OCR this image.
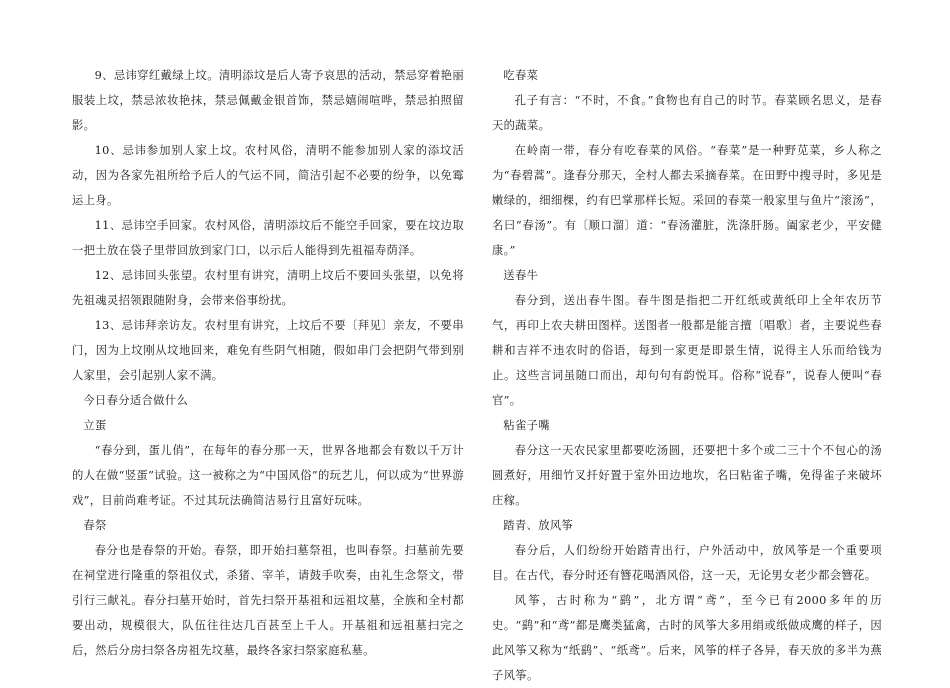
9、忌讳穿红戴绿上坟。清明添坟是后人寄予哀思的活动，禁忌穿着艳丽服装上坟，禁忌浓妆艳抹，禁忌佩戴金银首饰，禁忌嬉闹喧哗，禁忌拍照留影。

10、忌讳参加别人家上坟。农村风俗，清明不能参加别人家的添坟活动，因为各家先祖所给予后人的气运不同，简洁引起不必要的纷争，以免霉运上身。

11、忌讳空手回家。农村风俗，清明添坟后不能空手回家，要在坟边取一把土放在袋子里带回放到家门口，以示后人能得到先祖福寿荫泽。

12、忌讳回头张望。农村里有讲究，清明上坟后不要回头张望，以免将先祖魂灵招领跟随附身，会带来俗事纷扰。

13、忌讳拜亲访友。农村里有讲究，上坟后不要〔拜见〕亲友，不要串门，因为上坟刚从坟地回来，难免有些阴气相随，假如串门会把阴气带到别人家里，会引起别人家不满。

今日春分适合做什么

立蛋

“春分到，蛋儿俏”，在每年的春分那一天，世界各地都会有数以千万计的人在做“竖蛋”试验。这一被称之为“中国风俗”的玩艺儿，何以成为“世界游戏”，目前尚难考证。不过其玩法确简洁易行且富好玩味。

春祭

春分也是春祭的开始。春祭，即开始扫墓祭祖，也叫春祭。扫墓前先要在祠堂进行隆重的祭祖仪式，杀猪、宰羊，请鼓手吹奏，由礼生念祭文，带引行三献礼。春分扫墓开始时，首先扫祭开基祖和远祖坟墓，全族和全村都要出动，规模很大，队伍往往达几百甚至上千人。开基祖和远祖墓扫完之后，然后分房扫祭各房祖先坟墓，最终各家扫祭家庭私墓。

吃春菜

孔子有言：“不时，不食。”食物也有自己的时节。春菜顾名思义，是春天的蔬菜。

在岭南一带，春分有吃春菜的风俗。“春菜”是一种野苋菜，乡人称之为“春碧蒿”。逢春分那天，全村人都去采摘春菜。在田野中搜寻时，多见是嫩绿的，细细棵，约有巴掌那样长短。采回的春菜一般家里与鱼片“滚汤”，名曰“春汤”。有〔顺口溜〕道：“春汤灌脏，洗涤肝肠。阖家老少，平安健康。”

送春牛

春分到，送出春牛图。春牛图是指把二开红纸或黄纸印上全年农历节气，再印上农夫耕田图样。送图者一般都是能言擅〔唱歌〕者，主要说些春耕和吉祥不违农时的俗语，每到一家更是即景生情，说得主人乐而给钱为止。这些言词虽随口而出，却句句有韵悦耳。俗称“说春”，说春人便叫“春官”。

粘雀子嘴

春分这一天农民家里都要吃汤圆，还要把十多个或二三十个不包心的汤圆煮好，用细竹叉扦好置于室外田边地坎，名曰粘雀子嘴，免得雀子来破坏庄稼。

踏青、放风筝

春分后，人们纷纷开始踏青出行，户外活动中，放风筝是一个重要项目。在古代，春分时还有簪花喝酒风俗，这一天，无论男女老少都会簪花。

风筝，古时称为“鹞”，北方谓“鸢”，至今已有2000多年的历史。“鹞”和“鸢”都是鹰类猛禽，古时的风筝大多用绢或纸做成鹰的样子，因此风筝又称为“纸鹞”、“纸鸢”。后来，风筝的样子各异，春天放的多半为燕子风筝。
